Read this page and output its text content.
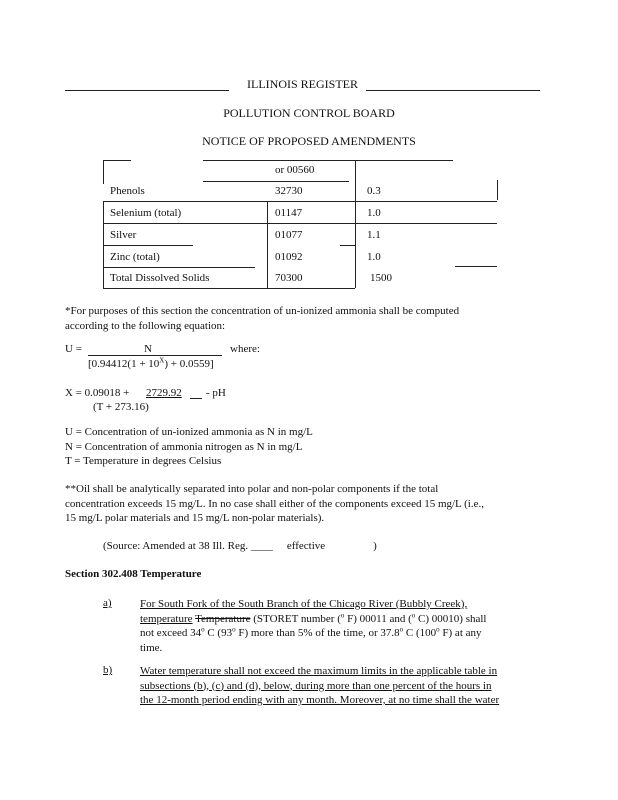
ILLINOIS REGISTER
POLLUTION CONTROL BOARD
NOTICE OF PROPOSED AMENDMENTS
or 00560
Phenols	32730	0.3
Selenium (total)	01147	1.0
Silver	01077	1.1
Zinc (total)	01092	1.0
Total Dissolved Solids	70300	1500
*For purposes of this section the concentration of un-ionized ammonia shall be computed
according to the following equation:
U =	N	where:
$[0.94412(1 + 10^X) + 0.0559]$
X = 0.09018 + 2729.92 - pH
(T + 273.16)
U = Concentration of un-ionized ammonia as N in mg/L
N = Concentration of ammonia nitrogen as N in mg/L
T = Temperature in degrees Celsius
**Oil shall be analytically separated into polar and non-polar components if the total
concentration exceeds 15 mg/L. In no case shall either of the components exceed 15 mg/L (i.e.,
15 mg/L polar materials and 15 mg/L non-polar materials).
(Source: Amended at 38 Ill. Reg. ____ effective	)
Section 302.408 Temperature
a)	For South Fork of the South Branch of the Chicago River (Bubbly Creek),
temperature Temperature (STORET number ($^o$ F) 00011 and ($^o$ C) 00010) shall
not exceed 34$^o$ C (93$^o$ F) more than 5% of the time, or 37.8$^o$ C (100$^o$ F) at any
time.
b)	Water temperature shall not exceed the maximum limits in the applicable table in
subsections (b), (c) and (d), below, during more than one percent of the hours in
the 12-month period ending with any month. Moreover, at no time shall the water
